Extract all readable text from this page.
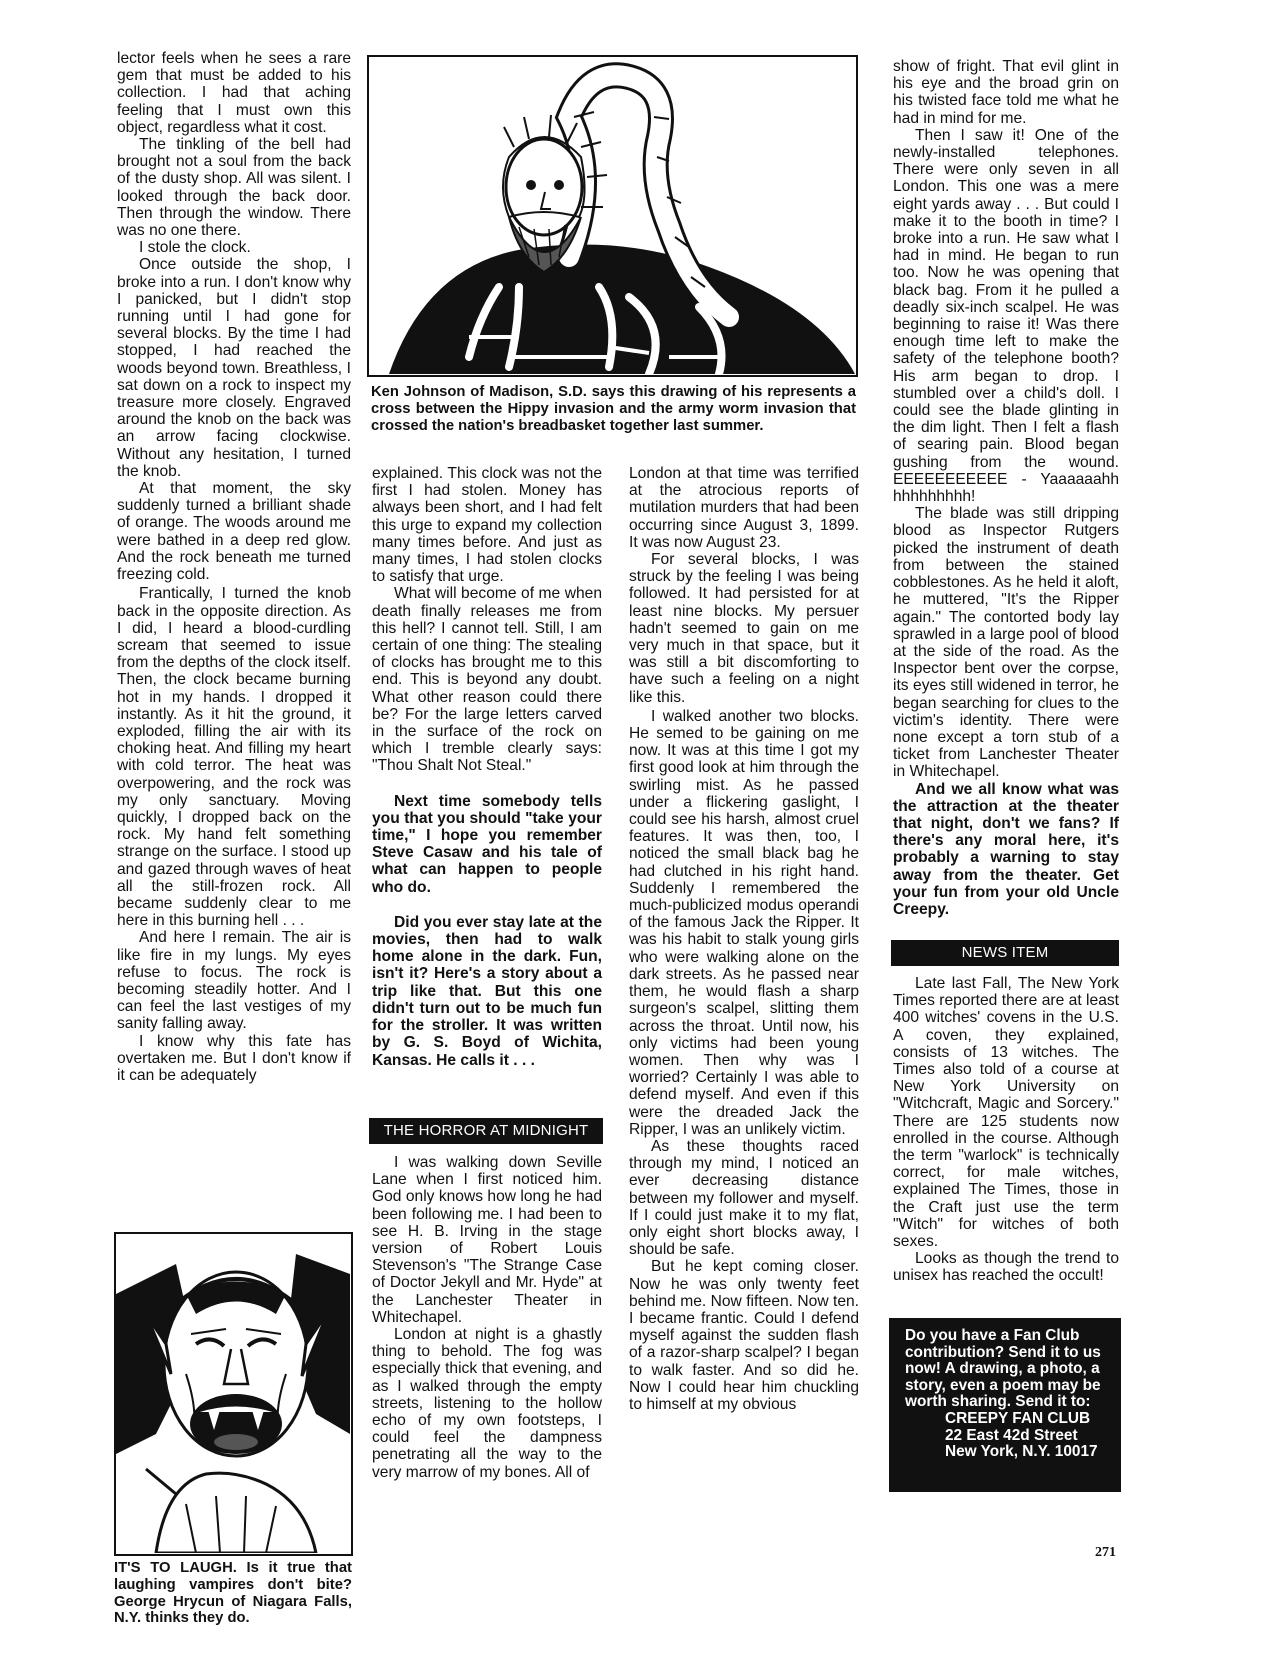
lector feels when he sees a rare gem that must be added to his collection. I had that aching feeling that I must own this object, regardless what it cost.

The tinkling of the bell had brought not a soul from the back of the dusty shop. All was silent. I looked through the back door. Then through the window. There was no one there.

I stole the clock.

Once outside the shop, I broke into a run. I don't know why I panicked, but I didn't stop running until I had gone for several blocks. By the time I had stopped, I had reached the woods beyond town. Breathless, I sat down on a rock to inspect my treasure more closely. Engraved around the knob on the back was an arrow facing clockwise. Without any hesitation, I turned the knob.

At that moment, the sky suddenly turned a brilliant shade of orange. The woods around me were bathed in a deep red glow. And the rock beneath me turned freezing cold.

Frantically, I turned the knob back in the opposite direction. As I did, I heard a blood-curdling scream that seemed to issue from the depths of the clock itself. Then, the clock became burning hot in my hands. I dropped it instantly. As it hit the ground, it exploded, filling the air with its choking heat. And filling my heart with cold terror. The heat was overpowering, and the rock was my only sanctuary. Moving quickly, I dropped back on the rock. My hand felt something strange on the surface. I stood up and gazed through waves of heat all the still-frozen rock. All became suddenly clear to me here in this burning hell . . .

And here I remain. The air is like fire in my lungs. My eyes refuse to focus. The rock is becoming steadily hotter. And I can feel the last vestiges of my sanity falling away.

I know why this fate has overtaken me. But I don't know if it can be adequately

IT'S TO LAUGH. Is it true that laughing vampires don't bite? George Hrycun of Niagara Falls, N.Y. thinks they do.
Ken Johnson of Madison, S.D. says this drawing of his represents a cross between the Hippy invasion and the army worm invasion that crossed the nation's breadbasket together last summer.

explained. This clock was not the first I had stolen. Money has always been short, and I had felt this urge to expand my collection many times before. And just as many times, I had stolen clocks to satisfy that urge.

What will become of me when death finally releases me from this hell? I cannot tell. Still, I am certain of one thing: The stealing of clocks has brought me to this end. This is beyond any doubt. What other reason could there be? For the large letters carved in the surface of the rock on which I tremble clearly says: "Thou Shalt Not Steal."

Next time somebody tells you that you should "take your time," I hope you remember Steve Casaw and his tale of what can happen to people who do.

Did you ever stay late at the movies, then had to walk home alone in the dark. Fun, isn't it? Here's a story about a trip like that. But this one didn't turn out to be much fun for the stroller. It was written by G. S. Boyd of Wichita, Kansas. He calls it . . .

THE HORROR AT MIDNIGHT

I was walking down Seville Lane when I first noticed him. God only knows how long he had been following me. I had been to see H. B. Irving in the stage version of Robert Louis Stevenson's "The Strange Case of Doctor Jekyll and Mr. Hyde" at the Lanchester Theater in Whitechapel.

London at night is a ghastly thing to behold. The fog was especially thick that evening, and as I walked through the empty streets, listening to the hollow echo of my own footsteps, I could feel the dampness penetrating all the way to the very marrow of my bones. All of

London at that time was terrified at the atrocious reports of mutilation murders that had been occurring since August 3, 1899. It was now August 23.

For several blocks, I was struck by the feeling I was being followed. It had persisted for at least nine blocks. My persuer hadn't seemed to gain on me very much in that space, but it was still a bit discomforting to have such a feeling on a night like this.

I walked another two blocks. He semed to be gaining on me now. It was at this time I got my first good look at him through the swirling mist. As he passed under a flickering gaslight, I could see his harsh, almost cruel features. It was then, too, I noticed the small black bag he had clutched in his right hand. Suddenly I remembered the much-publicized modus operandi of the famous Jack the Ripper. It was his habit to stalk young girls who were walking alone on the dark streets. As he passed near them, he would flash a sharp surgeon's scalpel, slitting them across the throat. Until now, his only victims had been young women. Then why was I worried? Certainly I was able to defend myself. And even if this were the dreaded Jack the Ripper, I was an unlikely victim.

As these thoughts raced through my mind, I noticed an ever decreasing distance between my follower and myself. If I could just make it to my flat, only eight short blocks away, I should be safe.

But he kept coming closer. Now he was only twenty feet behind me. Now fifteen. Now ten. I became frantic. Could I defend myself against the sudden flash of a razor-sharp scalpel? I began to walk faster. And so did he. Now I could hear him chuckling to himself at my obvious

show of fright. That evil glint in his eye and the broad grin on his twisted face told me what he had in mind for me.

Then I saw it! One of the newly-installed telephones. There were only seven in all London. This one was a mere eight yards away . . . But could I make it to the booth in time? I broke into a run. He saw what I had in mind. He began to run too. Now he was opening that black bag. From it he pulled a deadly six-inch scalpel. He was beginning to raise it! Was there enough time left to make the safety of the telephone booth? His arm began to drop. I stumbled over a child's doll. I could see the blade glinting in the dim light. Then I felt a flash of searing pain. Blood began gushing from the wound. EEEEEEEEEEE - Yaaaaaahh hhhhhhhhh!

The blade was still dripping blood as Inspector Rutgers picked the instrument of death from between the stained cobblestones. As he held it aloft, he muttered, "It's the Ripper again." The contorted body lay sprawled in a large pool of blood at the side of the road. As the Inspector bent over the corpse, its eyes still widened in terror, he began searching for clues to the victim's identity. There were none except a torn stub of a ticket from Lanchester Theater in Whitechapel.

And we all know what was the attraction at the theater that night, don't we fans? If there's any moral here, it's probably a warning to stay away from the theater. Get your fun from your old Uncle Creepy.

NEWS ITEM

Late last Fall, The New York Times reported there are at least 400 witches' covens in the U.S. A coven, they explained, consists of 13 witches. The Times also told of a course at New York University on "Witchcraft, Magic and Sorcery." There are 125 students now enrolled in the course. Although the term "warlock" is technically correct, for male witches, explained The Times, those in the Craft just use the term "Witch" for witches of both sexes.

Looks as though the trend to unisex has reached the occult!

Do you have a Fan Club contribution? Send it to us now! A drawing, a photo, a story, even a poem may be worth sharing. Send it to:
CREEPY FAN CLUB
22 East 42d Street
New York, N.Y. 10017
271
